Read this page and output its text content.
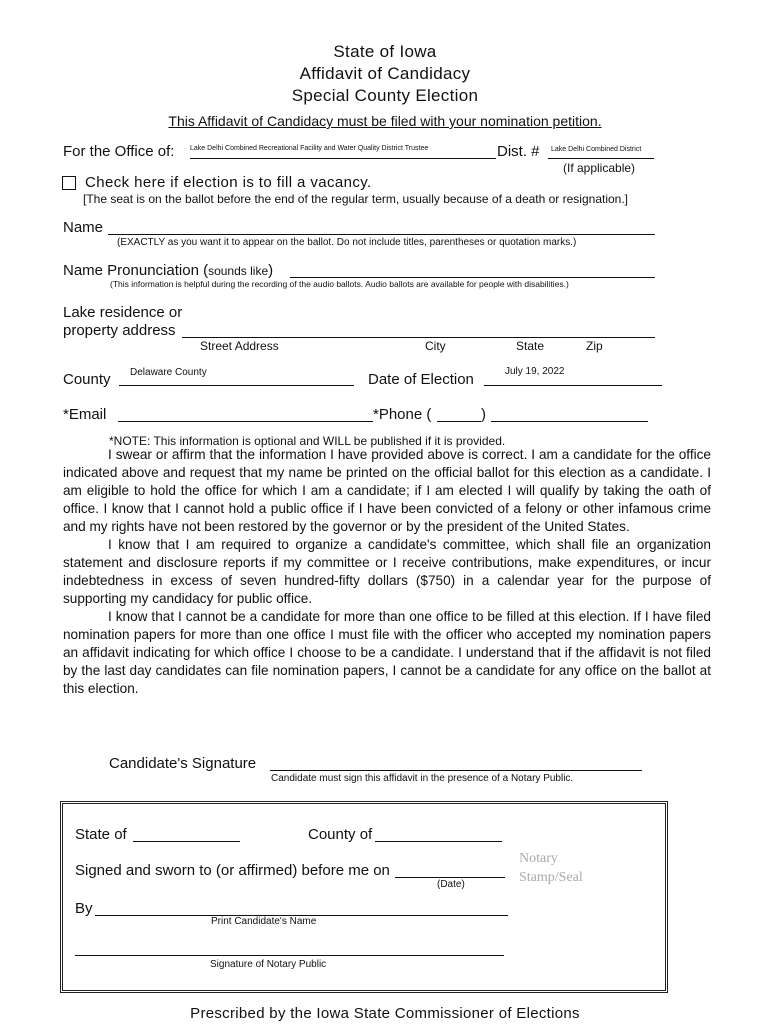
State of Iowa
Affidavit of Candidacy
Special County Election
This Affidavit of Candidacy must be filed with your nomination petition.
For the Office of: Lake Delhi Combined Recreational Facility and Water Quality District Trustee	Dist. # Lake Delhi Combined District
(If applicable)
Check here if election is to fill a vacancy.
[The seat is on the ballot before the end of the regular term, usually because of a death or resignation.]
Name
(EXACTLY as you want it to appear on the ballot. Do not include titles, parentheses or quotation marks.)
Name Pronunciation (sounds like)
(This information is helpful during the recording of the audio ballots. Audio ballots are available for people with disabilities.)
Lake residence or
property address
Street Address	City	State	Zip
County Delaware County	Date of Election	July 19, 2022
*Email	*Phone (	)
*NOTE: This information is optional and WILL be published if it is provided.

I swear or affirm that the information I have provided above is correct. I am a candidate for the office indicated above and request that my name be printed on the official ballot for this election as a candidate. I am eligible to hold the office for which I am a candidate; if I am elected I will qualify by taking the oath of office. I know that I cannot hold a public office if I have been convicted of a felony or other infamous crime and my rights have not been restored by the governor or by the president of the United States.

I know that I am required to organize a candidate's committee, which shall file an organization statement and disclosure reports if my committee or I receive contributions, make expenditures, or incur indebtedness in excess of seven hundred-fifty dollars ($750) in a calendar year for the purpose of supporting my candidacy for public office.

I know that I cannot be a candidate for more than one office to be filled at this election. If I have filed nomination papers for more than one office I must file with the officer who accepted my nomination papers an affidavit indicating for which office I choose to be a candidate. I understand that if the affidavit is not filed by the last day candidates can file nomination papers, I cannot be a candidate for any office on the ballot at this election.

Candidate's Signature
Candidate must sign this affidavit in the presence of a Notary Public.
State of	County of
Signed and sworn to (or affirmed) before me on
(Date)
Notary
Stamp/Seal
By
Print Candidate's Name
Signature of Notary Public
Prescribed by the Iowa State Commissioner of Elections
